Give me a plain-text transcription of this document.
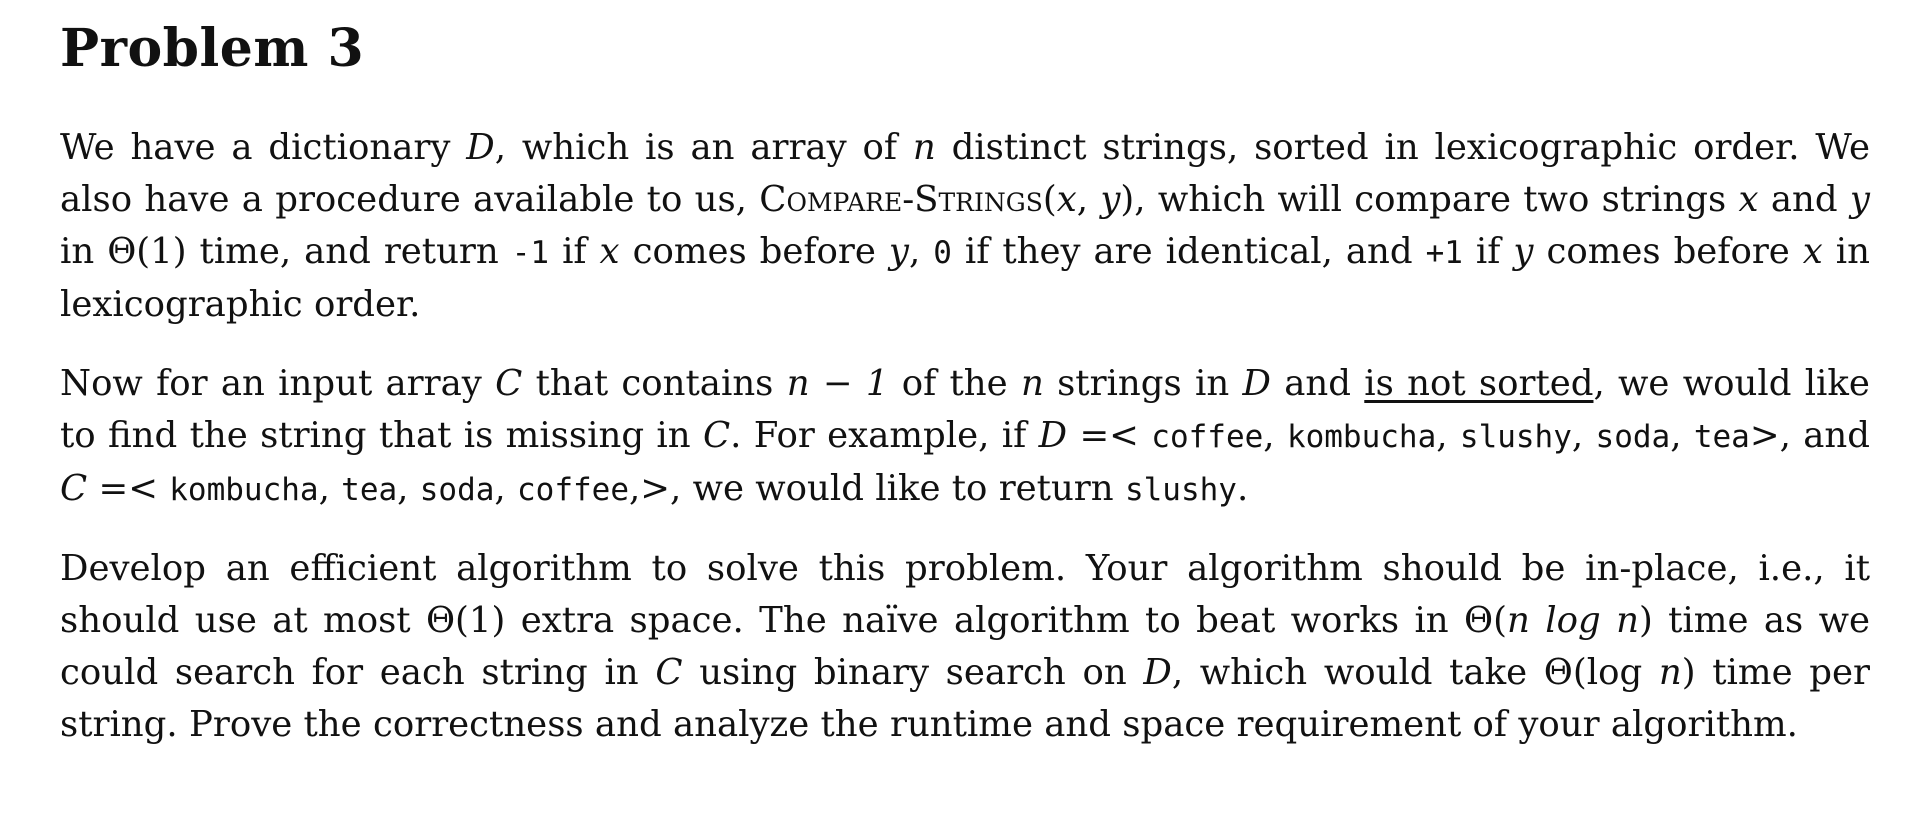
Problem 3

We have a dictionary D, which is an array of n distinct strings, sorted in lexicographic order. We also have a procedure available to us, Compare-Strings(x, y), which will compare two strings x and y in Θ(1) time, and return -1 if x comes before y, 0 if they are identical, and +1 if y comes before x in lexicographic order.

Now for an input array C that contains n − 1 of the n strings in D and is not sorted, we would like to find the string that is missing in C. For example, if D =< coffee, kombucha, slushy, soda, tea>, and C =< kombucha, tea, soda, coffee,>, we would like to return slushy.

Develop an efficient algorithm to solve this problem. Your algorithm should be in-place, i.e., it should use at most Θ(1) extra space. The naïve algorithm to beat works in Θ(n log n) time as we could search for each string in C using binary search on D, which would take Θ(log n) time per string. Prove the correctness and analyze the runtime and space requirement of your algorithm.
